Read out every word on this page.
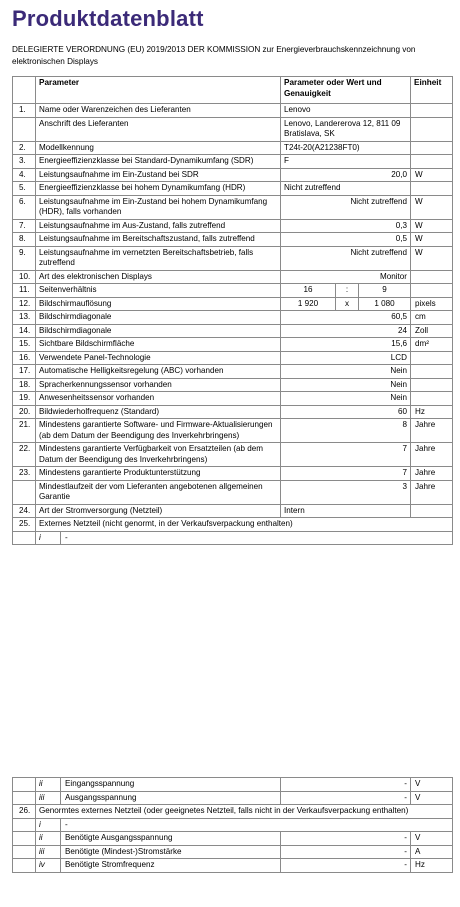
Produktdatenblatt
DELEGIERTE VERORDNUNG (EU) 2019/2013 DER KOMMISSION zur Energieverbrauchskennzeichnung von elektronischen Displays
	Parameter	Parameter oder Wert und Genauigkeit	Einheit
1.	Name oder Warenzeichen des Lieferanten	Lenovo	
	Anschrift des Lieferanten	Lenovo, Landererova 12, 811 09 Bratislava, SK	
2.	Modellkennung	T24t-20(A21238FT0)	
3.	Energieeffizienzklasse bei Standard-Dynamikumfang (SDR)	F	
4.	Leistungsaufnahme im Ein-Zustand bei SDR	20,0	W
5.	Energieeffizienzklasse bei hohem Dynamikumfang (HDR)	Nicht zutreffend	
6.	Leistungsaufnahme im Ein-Zustand bei hohem Dynamikumfang (HDR), falls vorhanden	Nicht zutreffend	W
7.	Leistungsaufnahme im Aus-Zustand, falls zutreffend	0,3	W
8.	Leistungsaufnahme im Bereitschaftszustand, falls zutreffend	0,5	W
9.	Leistungsaufnahme im vernetzten Bereitschaftsbetrieb, falls zutreffend	Nicht zutreffend	W
10.	Art des elektronischen Displays	Monitor	
11.	Seitenverhältnis	16 : 9	

12.	Bildschirmauflösung	1 920 x 1 080	pixels
13.	Bildschirmdiagonale	60,5	cm
14.	Bildschirmdiagonale	24	Zoll
15.	Sichtbare Bildschirmfläche	15,6	dm²
16.	Verwendete Panel-Technologie	LCD	
17.	Automatische Helligkeitsregelung (ABC) vorhanden	Nein	
18.	Spracherkennungssensor vorhanden	Nein	
19.	Anwesenheitssensor vorhanden	Nein	
20.	Bildwiederholfrequenz (Standard)	60	Hz
21.	Mindestens garantierte Software- und Firmware-Aktualisierungen (ab dem Datum der Beendigung des Inverkehrbringens)	8	Jahre
22.	Mindestens garantierte Verfügbarkeit von Ersatzteilen (ab dem Datum der Beendigung des Inverkehrbringens)	7	Jahre
23.	Mindestens garantierte Produktunterstützung	7	Jahre
	Mindestlaufzeit der vom Lieferanten angebotenen allgemeinen Garantie	3	Jahre
24.	Art der Stromversorgung (Netzteil)	Intern	
25.	Externes Netzteil (nicht genormt, in der Verkaufsverpackung enthalten)		

	i -		

	ii Eingangsspannung	-	V

	iii Ausgangsspannung	-	V
26.	Genormtes externes Netzteil (oder geeignetes Netzteil, falls nicht in der Verkaufsverpackung enthalten)		

	i -		

	ii Benötigte Ausgangsspannung	-	V

	iii Benötigte (Mindest-)Stromstärke	-	A

	iv Benötigte Stromfrequenz	-	Hz
